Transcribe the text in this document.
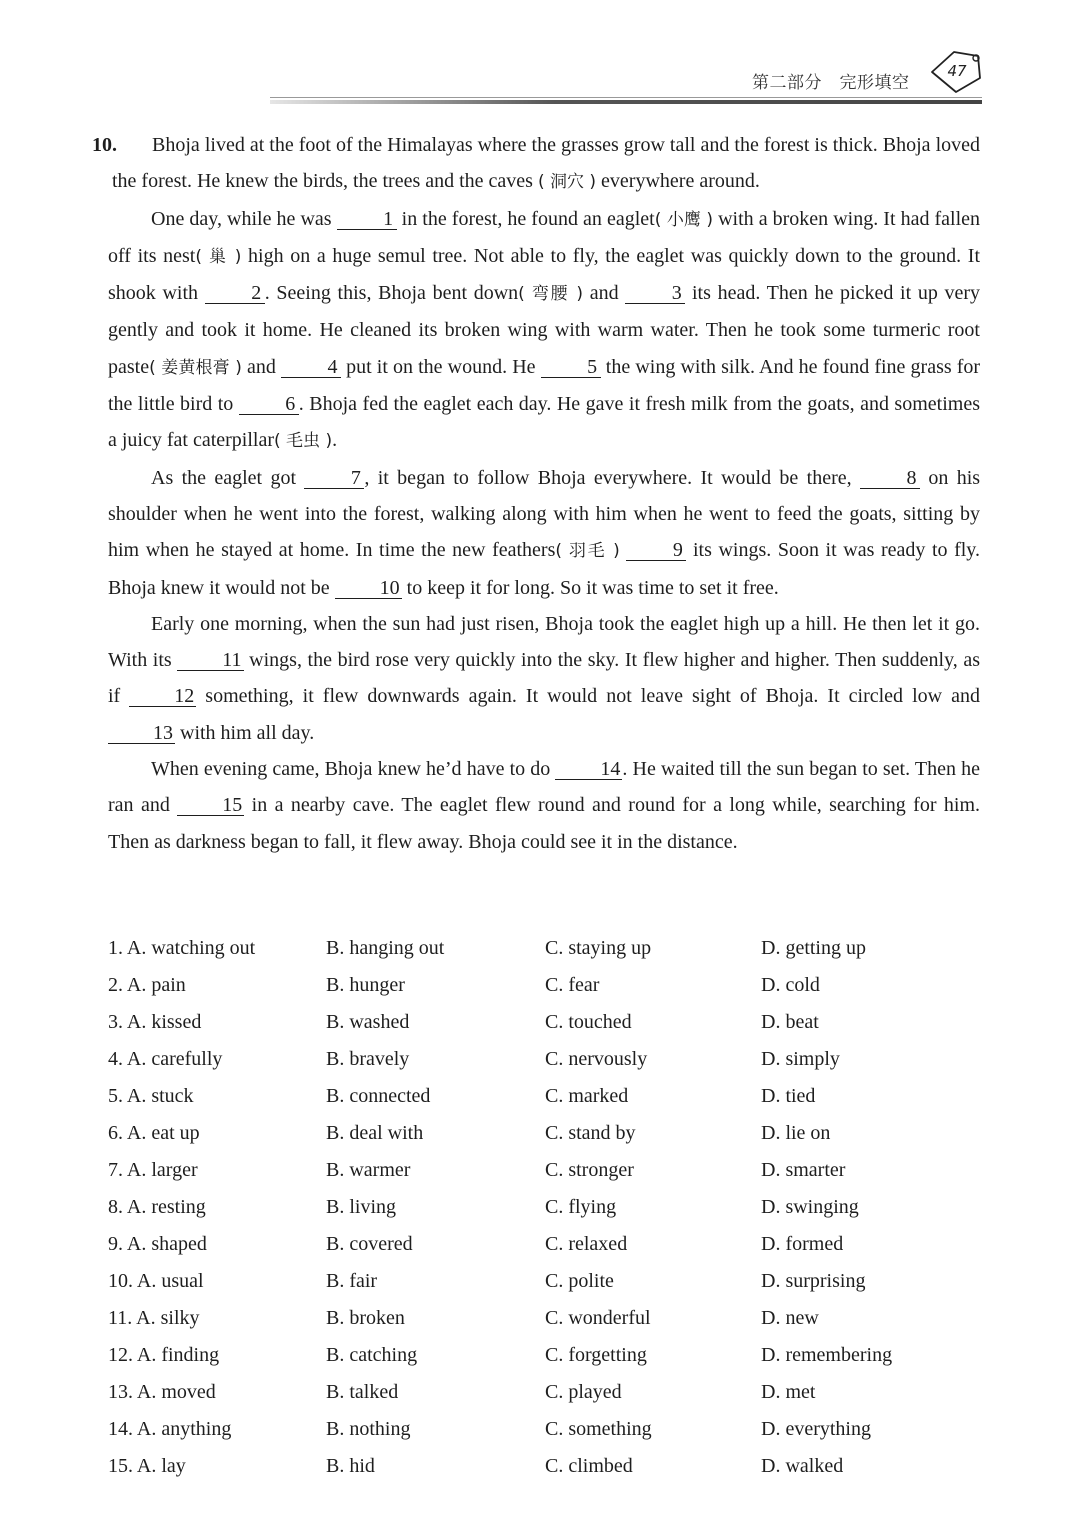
第二部分　完形填空
47

10. Bhoja lived at the foot of the Himalayas where the grasses grow tall and the forest is thick. Bhoja loved the forest. He knew the birds, the trees and the caves ( 洞穴 ) everywhere around.

One day, while he was	1 in the forest, he found an eaglet( 小鹰 ) with a broken wing. It had fallen off its nest( 巢 ) high on a huge semul tree. Not able to fly, the eaglet was quickly down to the ground. It shook with	2 . Seeing this, Bhoja bent down( 弯腰 ) and	3 its head. Then he picked it up very gently and took it home. He cleaned its broken wing with warm water. Then he took some turmeric root paste( 姜黄根膏 ) and	4 put it on the wound. He	5 the wing with silk. And he found fine grass for the little bird to	6 . Bhoja fed the eaglet each day. He gave it fresh milk from the goats, and sometimes a juicy fat caterpillar( 毛虫 ).

As the eaglet got	7 , it began to follow Bhoja everywhere. It would be there,	8 on his shoulder when he went into the forest, walking along with him when he went to feed the goats, sitting by him when he stayed at home. In time the new feathers( 羽毛 )	9 its wings. Soon it was ready to fly. Bhoja knew it would not be	10 to keep it for long. So it was time to set it free.

Early one morning, when the sun had just risen, Bhoja took the eaglet high up a hill. He then let it go. With its	11 wings, the bird rose very quickly into the sky. It flew higher and higher. Then suddenly, as if	12 something, it flew downwards again. It would not leave sight of Bhoja. It circled low and 13 with him all day.

When evening came, Bhoja knew he’d have to do	14 . He waited till the sun began to set. Then he ran and	15 in a nearby cave. The eaglet flew round and round for a long while, searching for him. Then as darkness began to fall, it flew away. Bhoja could see it in the distance.

1. A. watching out	B. hanging out	C. staying up	D. getting up
2. A. pain	B. hunger	C. fear	D. cold
3. A. kissed	B. washed	C. touched	D. beat
4. A. carefully	B. bravely	C. nervously	D. simply
5. A. stuck	B. connected	C. marked	D. tied
6. A. eat up	B. deal with	C. stand by	D. lie on
7. A. larger	B. warmer	C. stronger	D. smarter
8. A. resting	B. living	C. flying	D. swinging
9. A. shaped	B. covered	C. relaxed	D. formed
10. A. usual	B. fair	C. polite	D. surprising
11. A. silky	B. broken	C. wonderful	D. new
12. A. finding	B. catching	C. forgetting	D. remembering
13. A. moved	B. talked	C. played	D. met
14. A. anything	B. nothing	C. something	D. everything
15. A. lay	B. hid	C. climbed	D. walked
